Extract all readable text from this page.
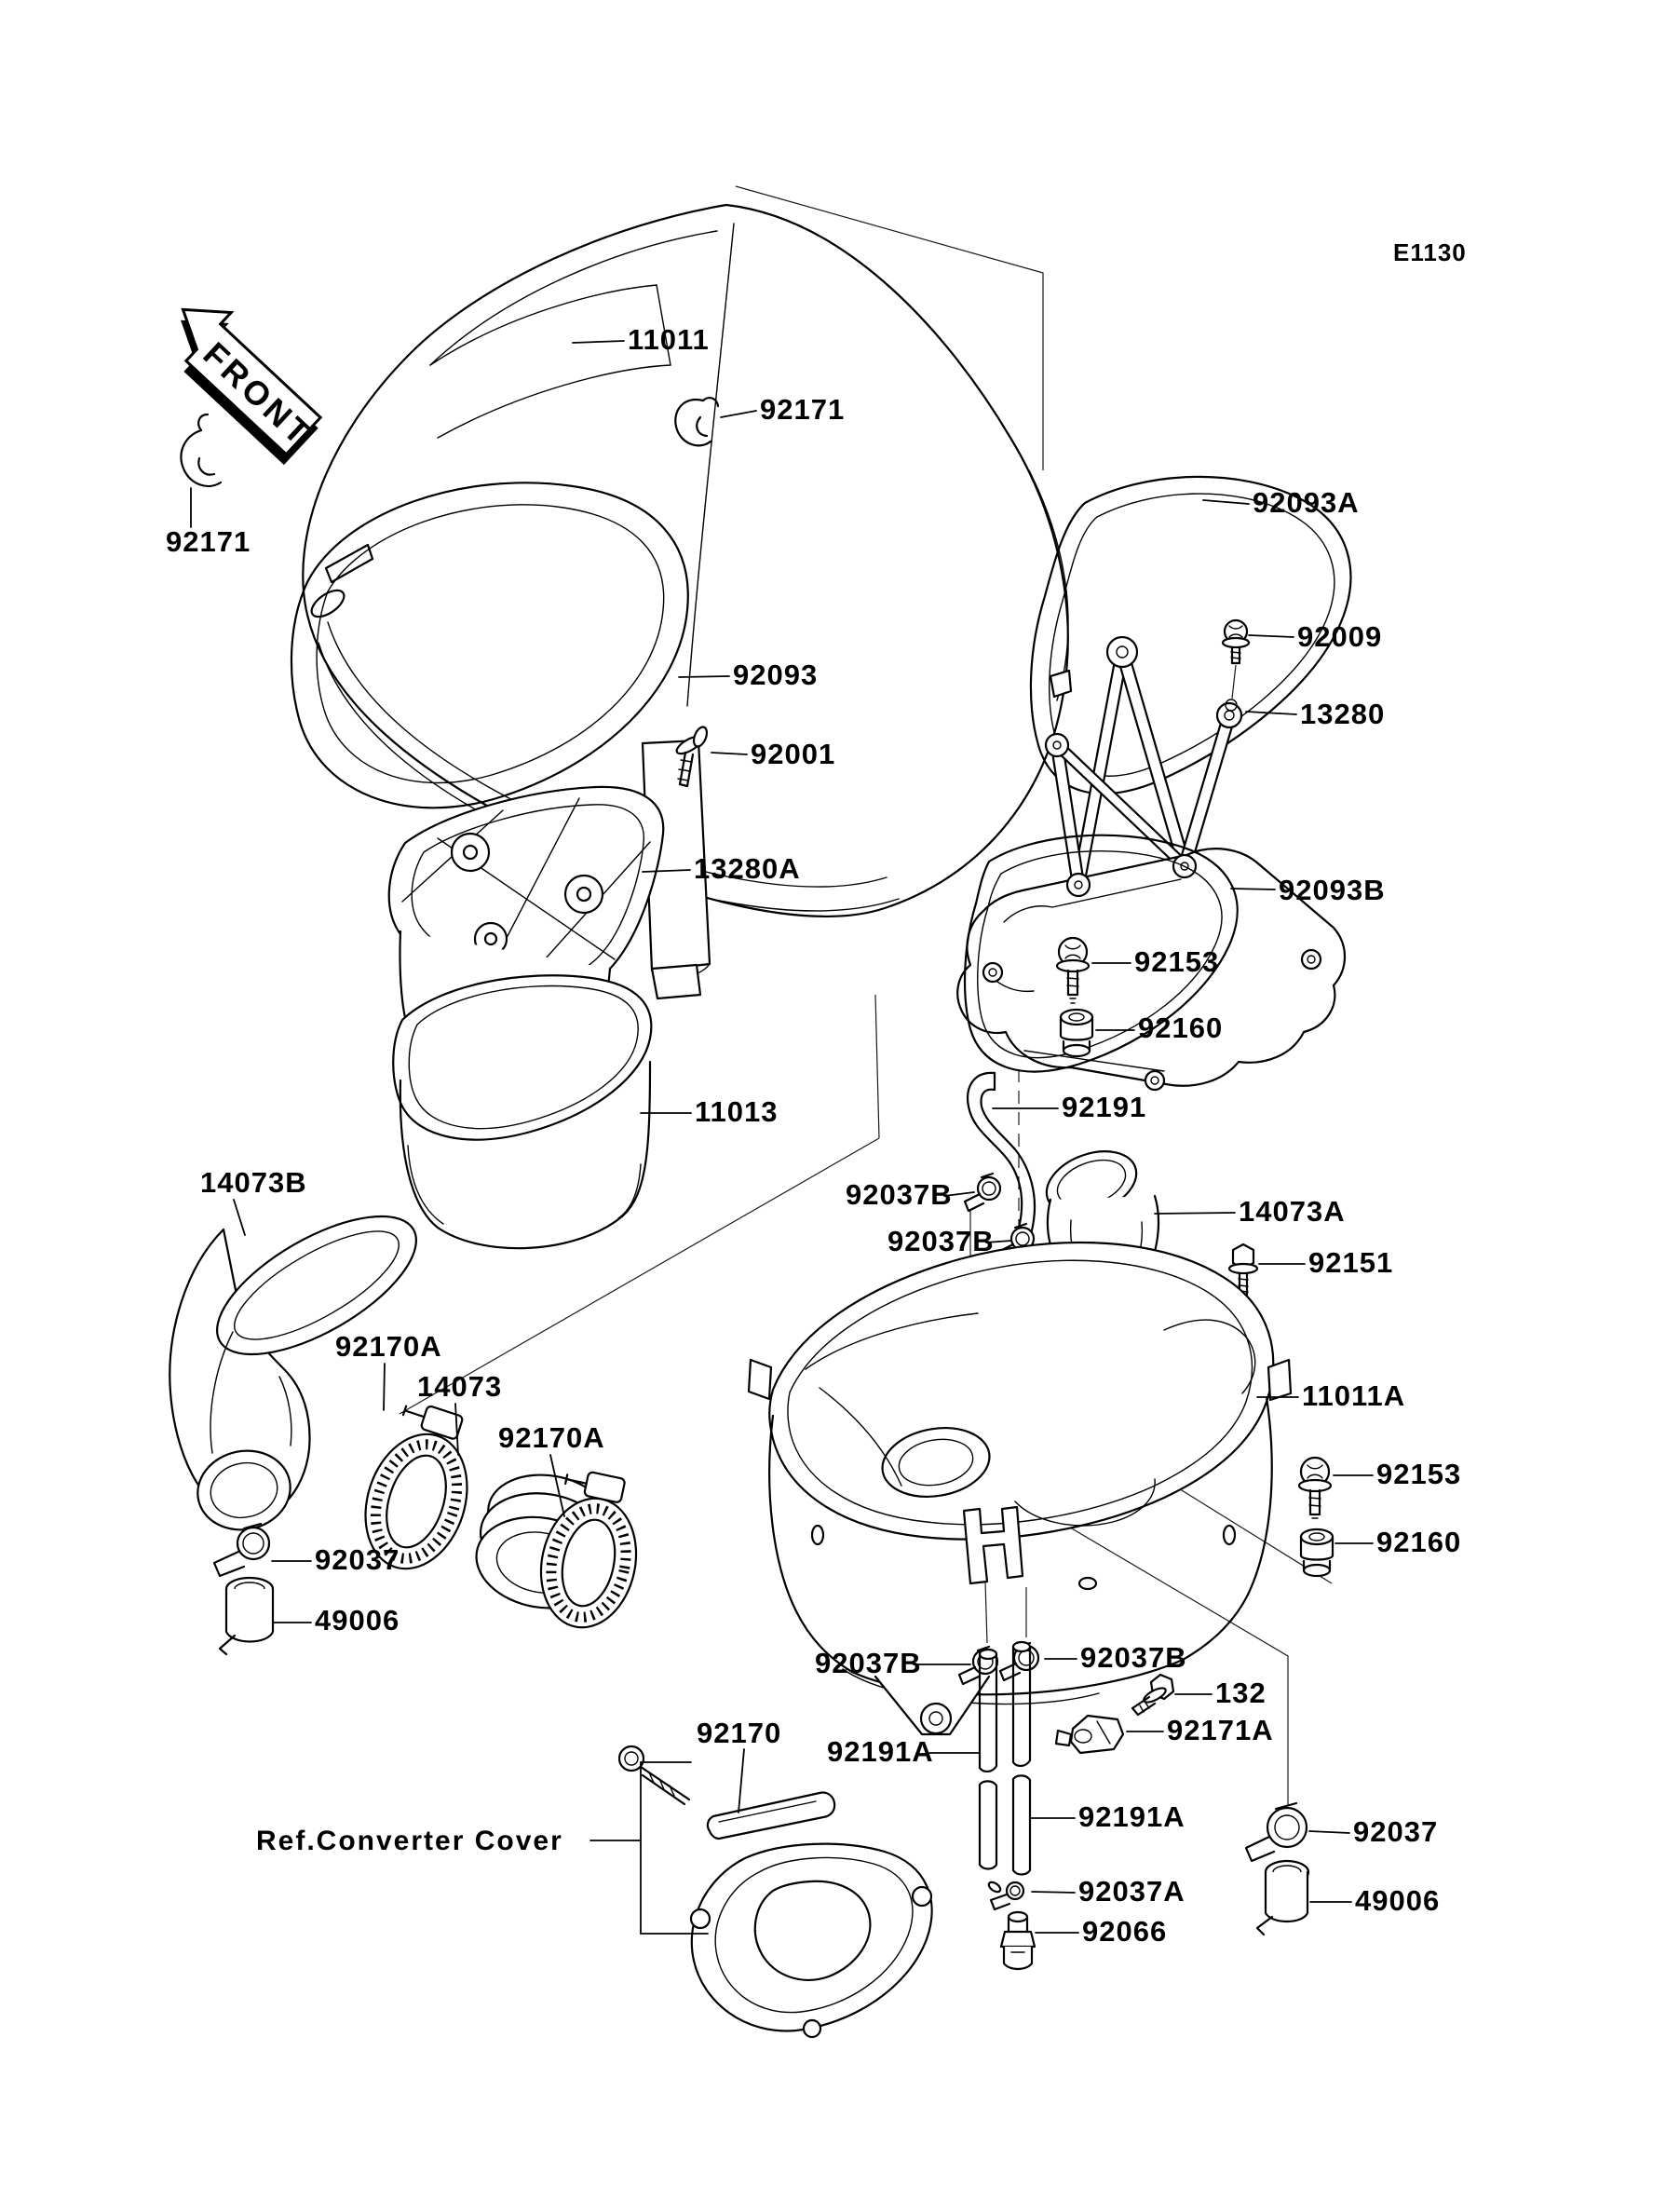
FRONT
E1130
11011
92171
92171
92093
92001
13280A
11013
14073B
92170A
14073
92170A
92037
49006
92170
Ref.Converter Cover
92093A
92009
13280
92093B
92153
92160
92191
92037B
14073A
92037B
92151
11011A
92153
92160
92037B	92037B
132
92171A
92191A
92191A
92037A
92066
92037
49006
